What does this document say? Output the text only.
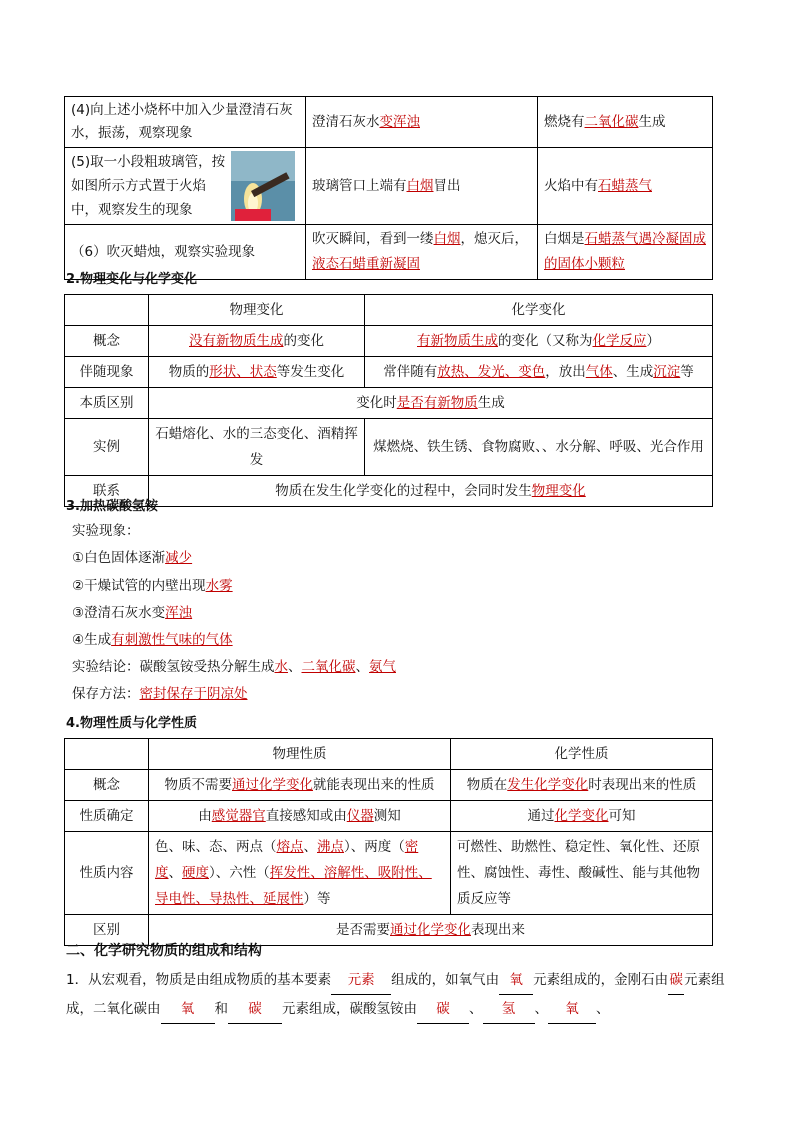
(4)向上述小烧杯中加入少量澄清石灰水，振荡，观察现象	澄清石灰水变浑浊	燃烧有二氧化碳生成

(5)取一小段粗玻璃管，按如图所示方式置于火焰中，观察发生的现象	玻璃管口上端有白烟冒出	火焰中有石蜡蒸气
（6）吹灭蜡烛，观察实验现象	吹灭瞬间，看到一缕白烟，熄灭后，液态石蜡重新凝固	白烟是石蜡蒸气遇冷凝固成的固体小颗粒
2.物理变化与化学变化
	物理变化	化学变化
概念	没有新物质生成的变化	有新物质生成的变化（又称为化学反应）
伴随现象	物质的形状、状态等发生变化	常伴随有放热、发光、变色，放出气体、生成沉淀等
本质区别	变化时是否有新物质生成	
实例	石蜡熔化、水的三态变化、酒精挥发	煤燃烧、铁生锈、食物腐败、、水分解、呼吸、光合作用
联系	物质在发生化学变化的过程中，会同时发生物理变化	
3.加热碳酸氢铵
实验现象：
①白色固体逐渐减少
②干燥试管的内壁出现水雾
③澄清石灰水变浑浊
④生成有刺激性气味的气体
实验结论：碳酸氢铵受热分解生成水、二氧化碳、氨气
保存方法：密封保存于阴凉处
4.物理性质与化学性质
	物理性质	化学性质
概念	物质不需要通过化学变化就能表现出来的性质	物质在发生化学变化时表现出来的性质
性质确定	由感觉器官直接感知或由仪器测知	通过化学变化可知
性质内容	色、味、态、两点（熔点、沸点）、两度（密度、硬度）、六性（挥发性、溶解性、吸附性、导电性、导热性、延展性）等	可燃性、助燃性、稳定性、氧化性、还原性、腐蚀性、毒性、酸碱性、能与其他物质反应等
区别	是否需要通过化学变化表现出来	
二、化学研究物质的组成和结构
1．从宏观看，物质是由组成物质的基本要素 元素 组成的，如氧气由 氧 元素组成的，金刚石由碳元素组成，二氧化碳由 氧 和 碳 元素组成，碳酸氢铵由 碳 、 氢 、 氧 、
